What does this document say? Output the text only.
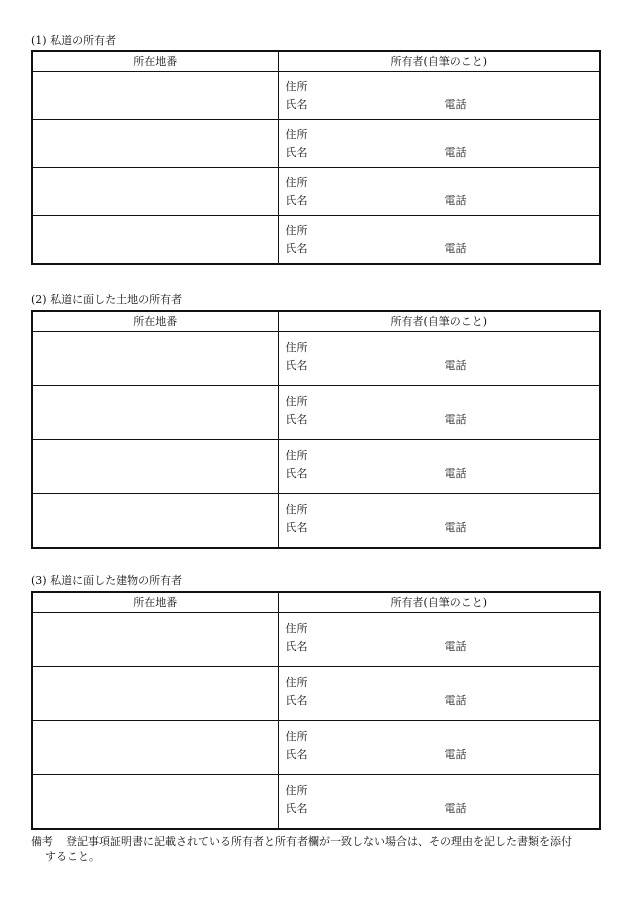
(1) 私道の所有者
所在地番	所有者(自筆のこと)

	住所
氏名 電話

	住所
氏名 電話

	住所
氏名 電話

	住所
氏名 電話
(2) 私道に面した土地の所有者
所在地番	所有者(自筆のこと)

	住所
氏名 電話

	住所
氏名 電話

	住所
氏名 電話

	住所
氏名 電話
(3) 私道に面した建物の所有者
所在地番	所有者(自筆のこと)

	住所
氏名 電話

	住所
氏名 電話

	住所
氏名 電話

	住所
氏名 電話
備考 登記事項証明書に記載されている所有者と所有者欄が一致しない場合は、その理由を記した書類を添付
すること。
